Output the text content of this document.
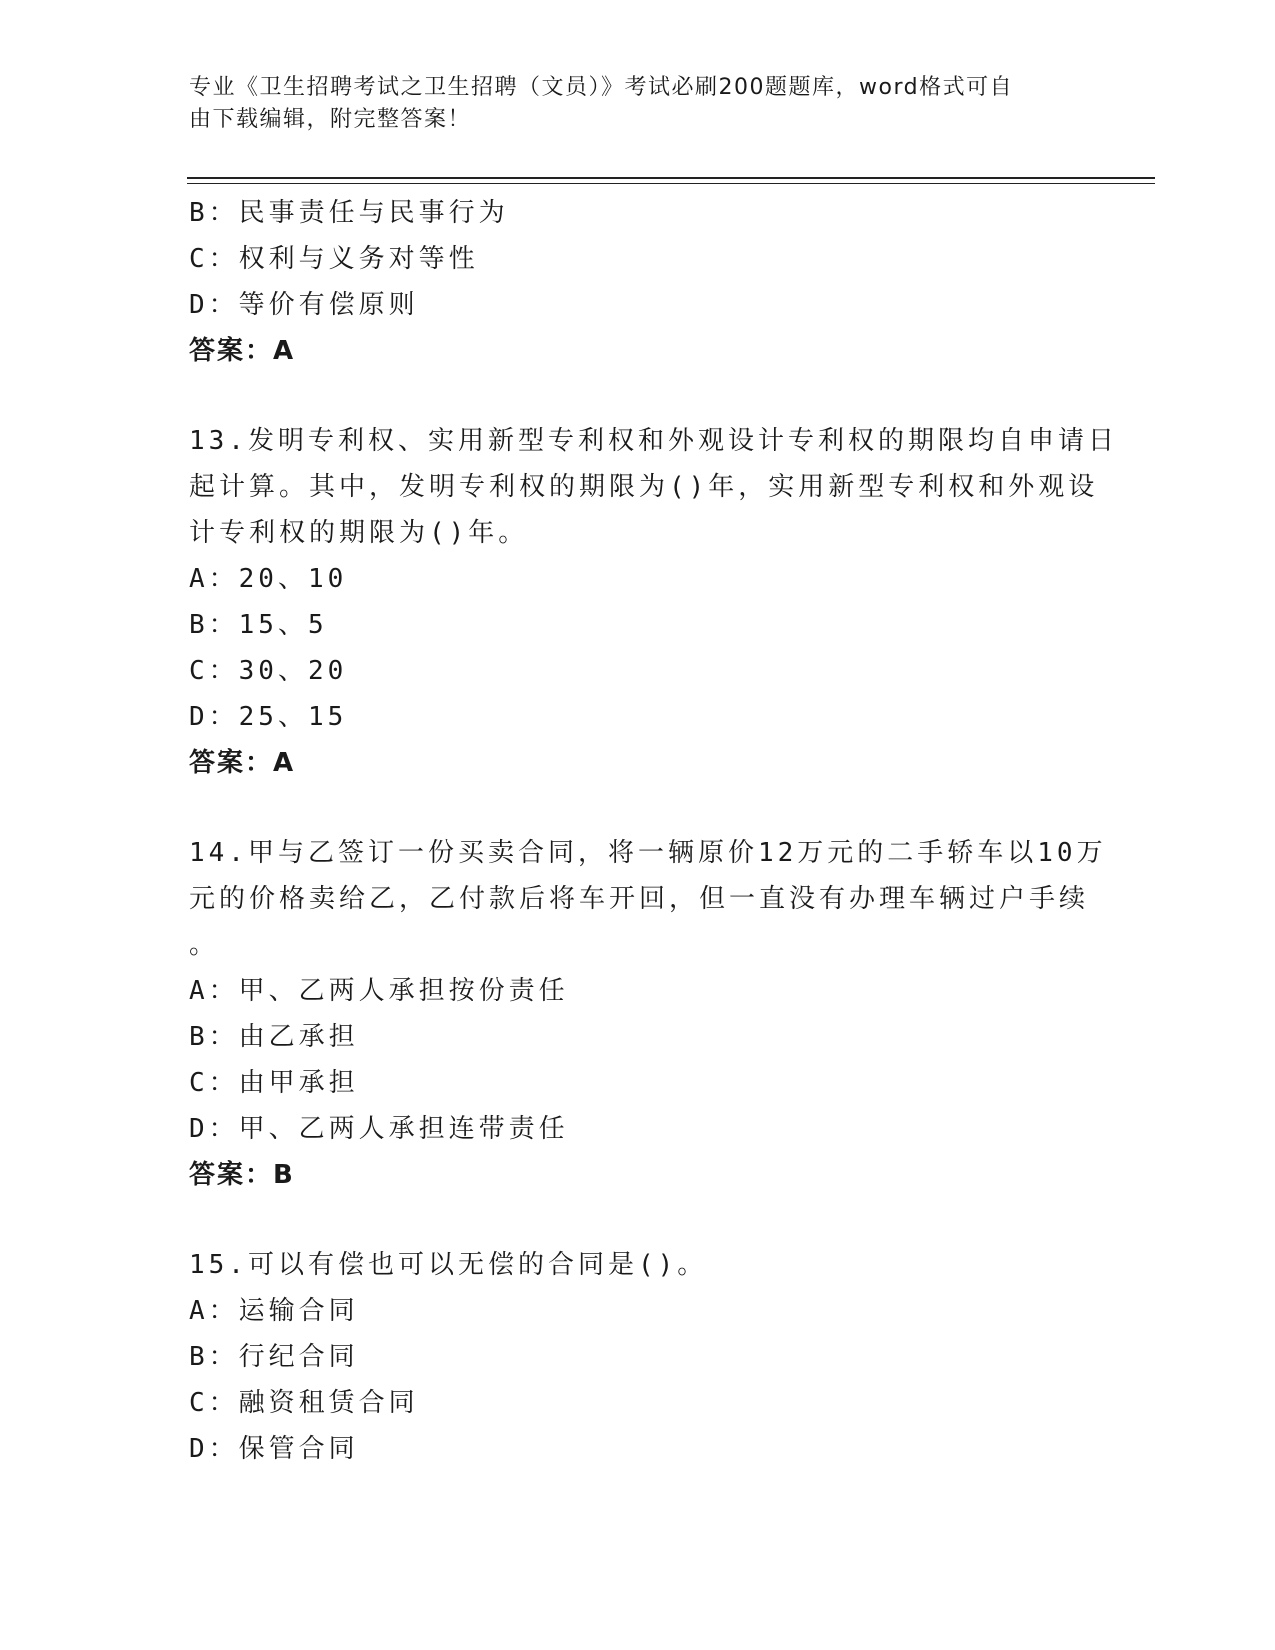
专业《卫生招聘考试之卫生招聘（文员）》考试必刷200题题库，word格式可自
由下载编辑，附完整答案！
B：民事责任与民事行为
C：权利与义务对等性
D：等价有偿原则
答案：A
13.发明专利权、实用新型专利权和外观设计专利权的期限均自申请日
起计算。其中，发明专利权的期限为()年，实用新型专利权和外观设
计专利权的期限为()年。
A：20、10
B：15、5
C：30、20
D：25、15
答案：A
14.甲与乙签订一份买卖合同，将一辆原价12万元的二手轿车以10万
元的价格卖给乙，乙付款后将车开回，但一直没有办理车辆过户手续
。
A：甲、乙两人承担按份责任
B：由乙承担
C：由甲承担
D：甲、乙两人承担连带责任
答案：B
15.可以有偿也可以无偿的合同是()。
A：运输合同
B：行纪合同
C：融资租赁合同
D：保管合同
